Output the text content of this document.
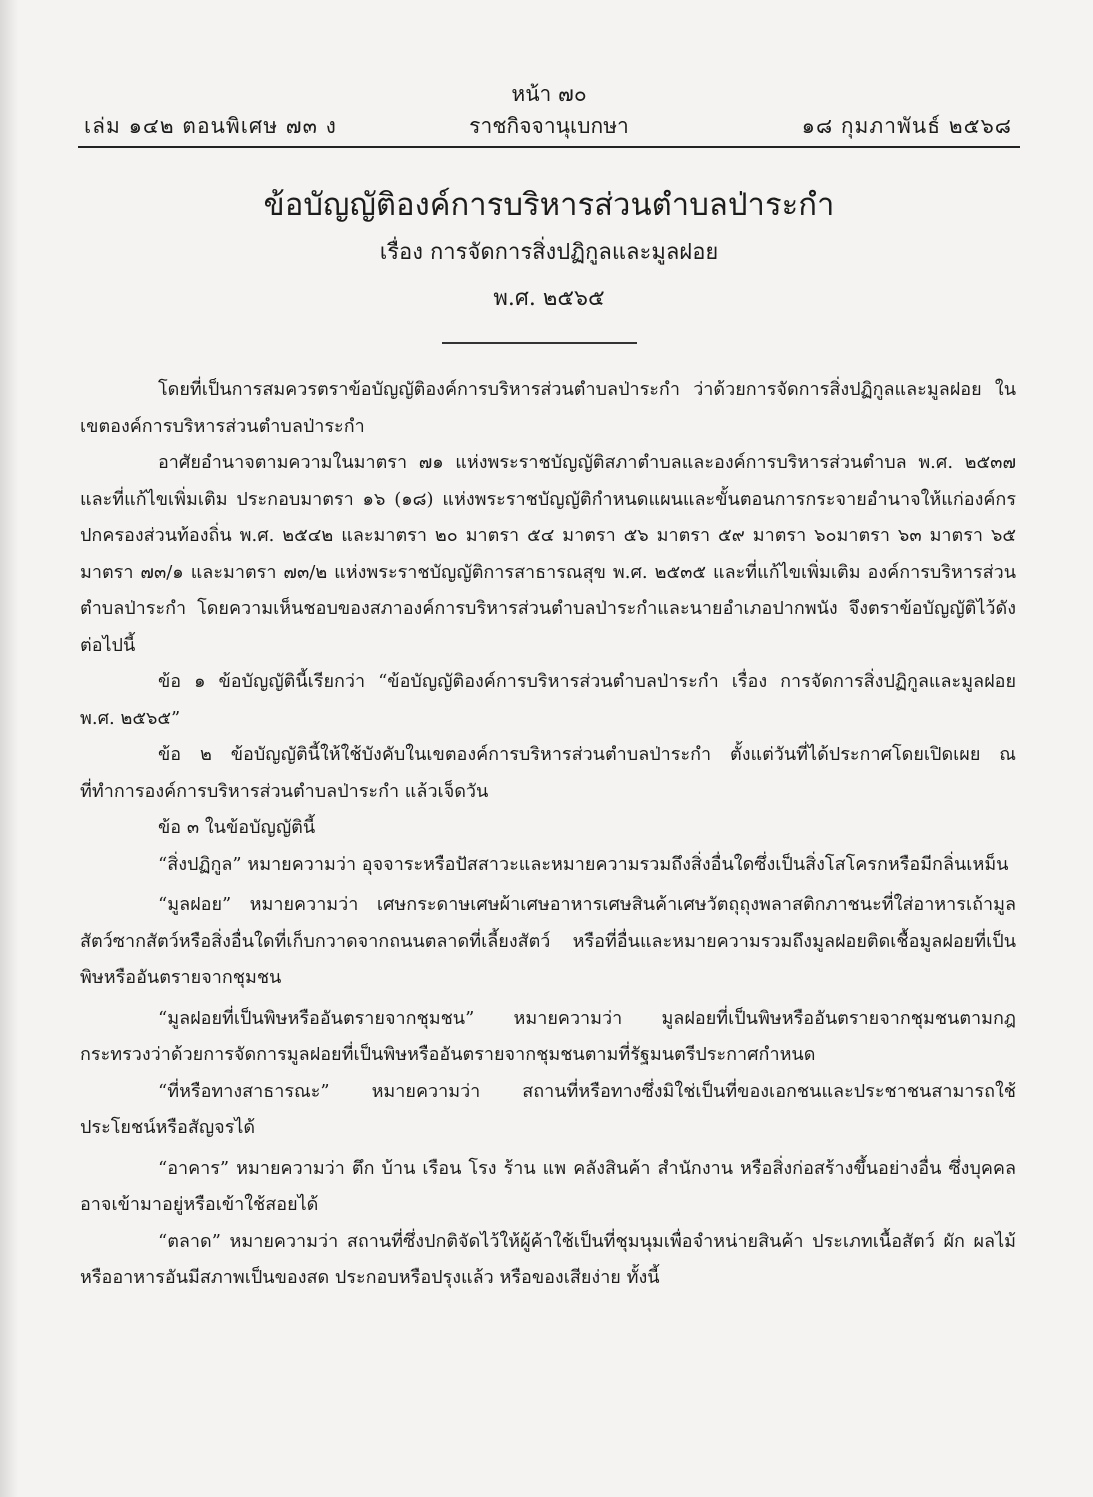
หน้า ๗๐
เล่ม ๑๔๒ ตอนพิเศษ ๗๓ ง	ราชกิจจานุเบกษา	๑๘ กุมภาพันธ์ ๒๕๖๘

ข้อบัญญัติองค์การบริหารส่วนตำบลป่าระกำ

เรื่อง การจัดการสิ่งปฏิกูลและมูลฝอย

พ.ศ. ๒๕๖๕

โดยที่เป็นการสมควรตราข้อบัญญัติองค์การบริหารส่วนตำบลป่าระกำ ว่าด้วยการจัดการสิ่งปฏิกูลและมูลฝอย ในเขตองค์การบริหารส่วนตำบลป่าระกำ

อาศัยอำนาจตามความในมาตรา ๗๑ แห่งพระราชบัญญัติสภาตำบลและองค์การบริหารส่วนตำบล พ.ศ. ๒๕๓๗ และที่แก้ไขเพิ่มเติม ประกอบมาตรา ๑๖ (๑๘) แห่งพระราชบัญญัติกำหนดแผนและขั้นตอนการกระจายอำนาจให้แก่องค์กรปกครองส่วนท้องถิ่น พ.ศ. ๒๕๔๒ และมาตรา ๒๐ มาตรา ๕๔ มาตรา ๕๖ มาตรา ๕๙ มาตรา ๖๐มาตรา ๖๓ มาตรา ๖๕ มาตรา ๗๓/๑ และมาตรา ๗๓/๒ แห่งพระราชบัญญัติการสาธารณสุข พ.ศ. ๒๕๓๕ และที่แก้ไขเพิ่มเติม องค์การบริหารส่วนตำบลป่าระกำ โดยความเห็นชอบของสภาองค์การบริหารส่วนตำบลป่าระกำและนายอำเภอปากพนัง จึงตราข้อบัญญัติไว้ดังต่อไปนี้

ข้อ ๑ ข้อบัญญัตินี้เรียกว่า “ข้อบัญญัติองค์การบริหารส่วนตำบลป่าระกำ เรื่อง การจัดการสิ่งปฏิกูลและมูลฝอย พ.ศ. ๒๕๖๕”

ข้อ ๒ ข้อบัญญัตินี้ให้ใช้บังคับในเขตองค์การบริหารส่วนตำบลป่าระกำ ตั้งแต่วันที่ได้ประกาศโดยเปิดเผย ณ ที่ทำการองค์การบริหารส่วนตำบลป่าระกำ แล้วเจ็ดวัน

ข้อ ๓ ในข้อบัญญัตินี้

“สิ่งปฏิกูล” หมายความว่า อุจจาระหรือปัสสาวะและหมายความรวมถึงสิ่งอื่นใดซึ่งเป็นสิ่งโสโครกหรือมีกลิ่นเหม็น

“มูลฝอย” หมายความว่า เศษกระดาษเศษผ้าเศษอาหารเศษสินค้าเศษวัตถุถุงพลาสติกภาชนะที่ใส่อาหารเถ้ามูลสัตว์ซากสัตว์หรือสิ่งอื่นใดที่เก็บกวาดจากถนนตลาดที่เลี้ยงสัตว์ หรือที่อื่นและหมายความรวมถึงมูลฝอยติดเชื้อมูลฝอยที่เป็นพิษหรืออันตรายจากชุมชน

“มูลฝอยที่เป็นพิษหรืออันตรายจากชุมชน” หมายความว่า มูลฝอยที่เป็นพิษหรืออันตรายจากชุมชนตามกฎกระทรวงว่าด้วยการจัดการมูลฝอยที่เป็นพิษหรืออันตรายจากชุมชนตามที่รัฐมนตรีประกาศกำหนด

“ที่หรือทางสาธารณะ” หมายความว่า สถานที่หรือทางซึ่งมิใช่เป็นที่ของเอกชนและประชาชนสามารถใช้ประโยชน์หรือสัญจรได้

“อาคาร” หมายความว่า ตึก บ้าน เรือน โรง ร้าน แพ คลังสินค้า สำนักงาน หรือสิ่งก่อสร้างขึ้นอย่างอื่น ซึ่งบุคคลอาจเข้ามาอยู่หรือเข้าใช้สอยได้

“ตลาด” หมายความว่า สถานที่ซึ่งปกติจัดไว้ให้ผู้ค้าใช้เป็นที่ชุมนุมเพื่อจำหน่ายสินค้า ประเภทเนื้อสัตว์ ผัก ผลไม้ หรืออาหารอันมีสภาพเป็นของสด ประกอบหรือปรุงแล้ว หรือของเสียง่าย ทั้งนี้
